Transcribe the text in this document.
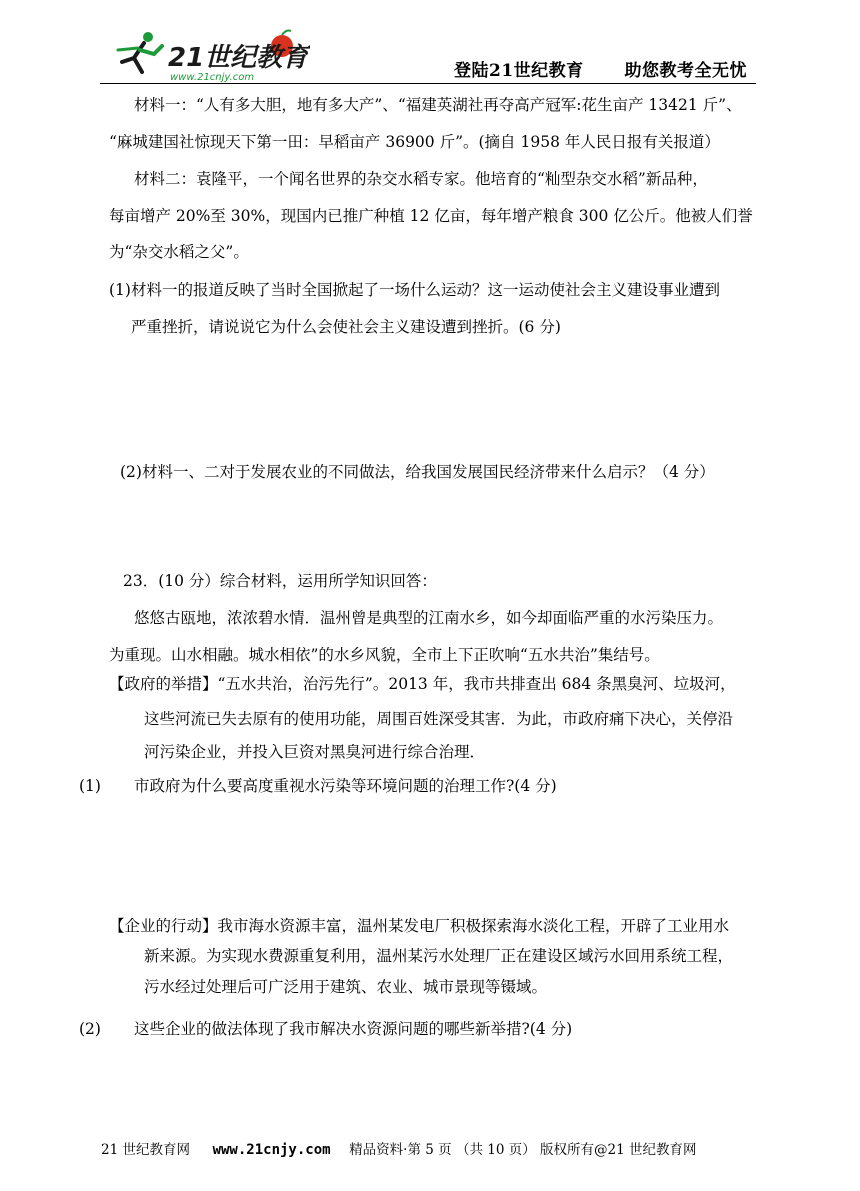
21世纪教育
www.21cnjy.com	登陆21世纪教育 助您教考全无忧
材料一：“人有多大胆，地有多大产”、“福建英湖社再夺高产冠军:花生亩产 13421 斤”、
“麻城建国社惊现天下第一田：早稻亩产 36900 斤”。(摘自 1958 年人民日报有关报道）
材料二：袁隆平，一个闻名世界的杂交水稻专家。他培育的“籼型杂交水稻”新品种，
每亩增产 20%至 30%，现国内已推广种植 12 亿亩，每年增产粮食 300 亿公斤。他被人们誉
为“杂交水稻之父”。
(1)材料一的报道反映了当时全国掀起了一场什么运动？这一运动使社会主义建设事业遭到
严重挫折，请说说它为什么会使社会主义建设遭到挫折。(6 分)
(2)材料一、二对于发展农业的不同做法，给我国发展国民经济带来什么启示？（4 分）
23．(10 分）综合材料，运用所学知识回答：
悠悠古瓯地，浓浓碧水情．温州曾是典型的江南水乡，如今却面临严重的水污染压力。
为重现。山水相融。城水相依”的水乡风貌，全市上下正吹响“五水共治”集结号。
【政府的举措】“五水共治，治污先行”。2013 年，我市共排查出 684 条黑臭河、垃圾河，
这些河流已失去原有的使用功能，周围百姓深受其害．为此，市政府痛下决心，关停沿
河污染企业，并投入巨资对黑臭河进行综合治理．
(1) 市政府为什么要高度重视水污染等环境问题的治理工作?(4 分)
【企业的行动】我市海水资源丰富，温州某发电厂积极探索海水淡化工程，开辟了工业用水
新来源。为实现水费源重复利用，温州某污水处理厂正在建设区域污水回用系统工程，
污水经过处理后可广泛用于建筑、农业、城市景现等镊域。
(2) 这些企业的做法体现了我市解决水资源问题的哪些新举措?(4 分)
21 世纪教育网 www.21cnjy.com 精品资料·第 5 页 （共 10 页） 版权所有@21 世纪教育网
